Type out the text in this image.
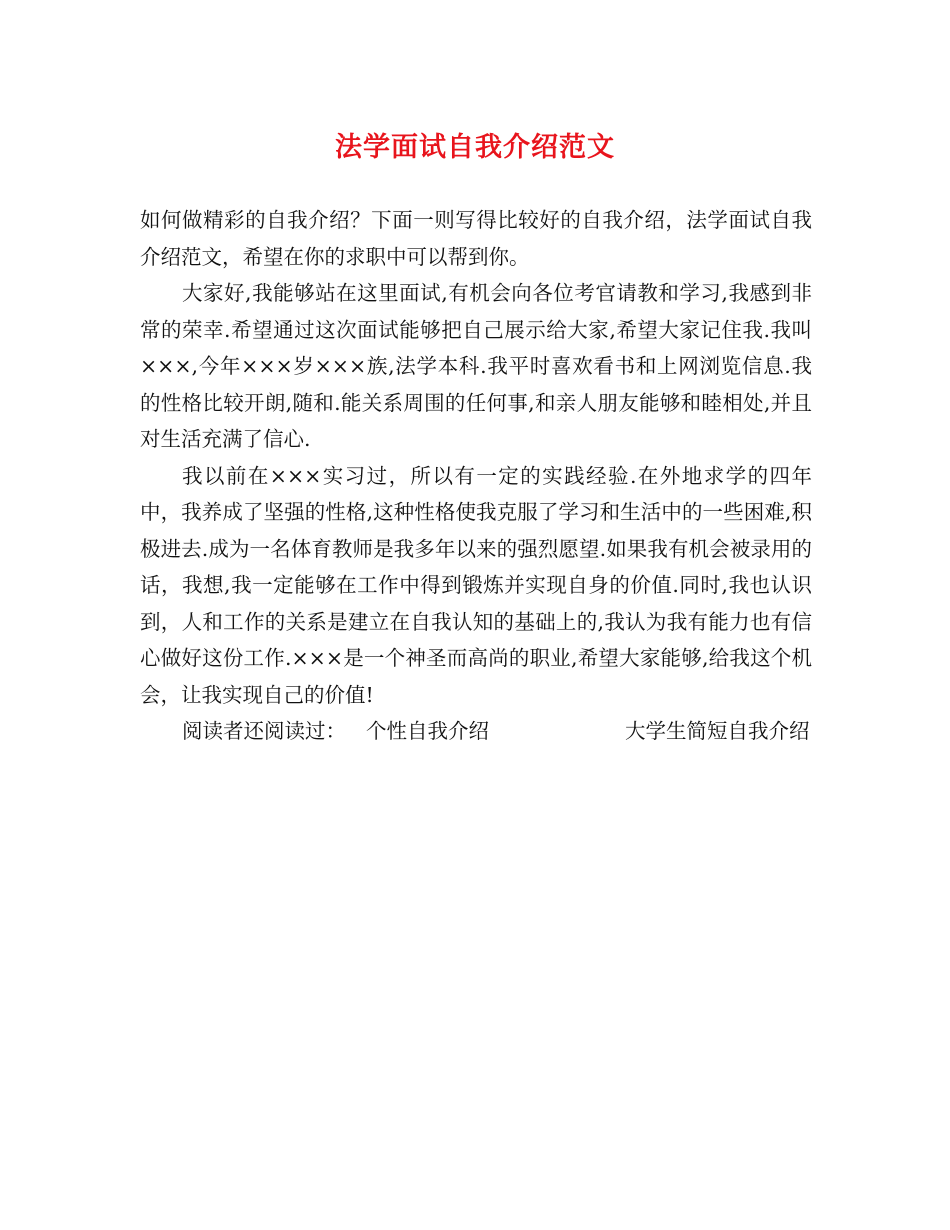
法学面试自我介绍范文

如何做精彩的自我介绍？下面一则写得比较好的自我介绍，法学面试自我介绍范文，希望在你的求职中可以帮到你。

大家好,我能够站在这里面试,有机会向各位考官请教和学习,我感到非常的荣幸.希望通过这次面试能够把自己展示给大家,希望大家记住我.我叫×××,今年×××岁×××族,法学本科.我平时喜欢看书和上网浏览信息.我的性格比较开朗,随和.能关系周围的任何事,和亲人朋友能够和睦相处,并且对生活充满了信心.

我以前在×××实习过，所以有一定的实践经验.在外地求学的四年中，我养成了坚强的性格,这种性格使我克服了学习和生活中的一些困难,积极进去.成为一名体育教师是我多年以来的强烈愿望.如果我有机会被录用的话，我想,我一定能够在工作中得到锻炼并实现自身的价值.同时,我也认识到，人和工作的关系是建立在自我认知的基础上的,我认为我有能力也有信心做好这份工作.×××是一个神圣而高尚的职业,希望大家能够,给我这个机会，让我实现自己的价值!

阅读者还阅读过： 个性自我介绍	大学生简短自我介绍
